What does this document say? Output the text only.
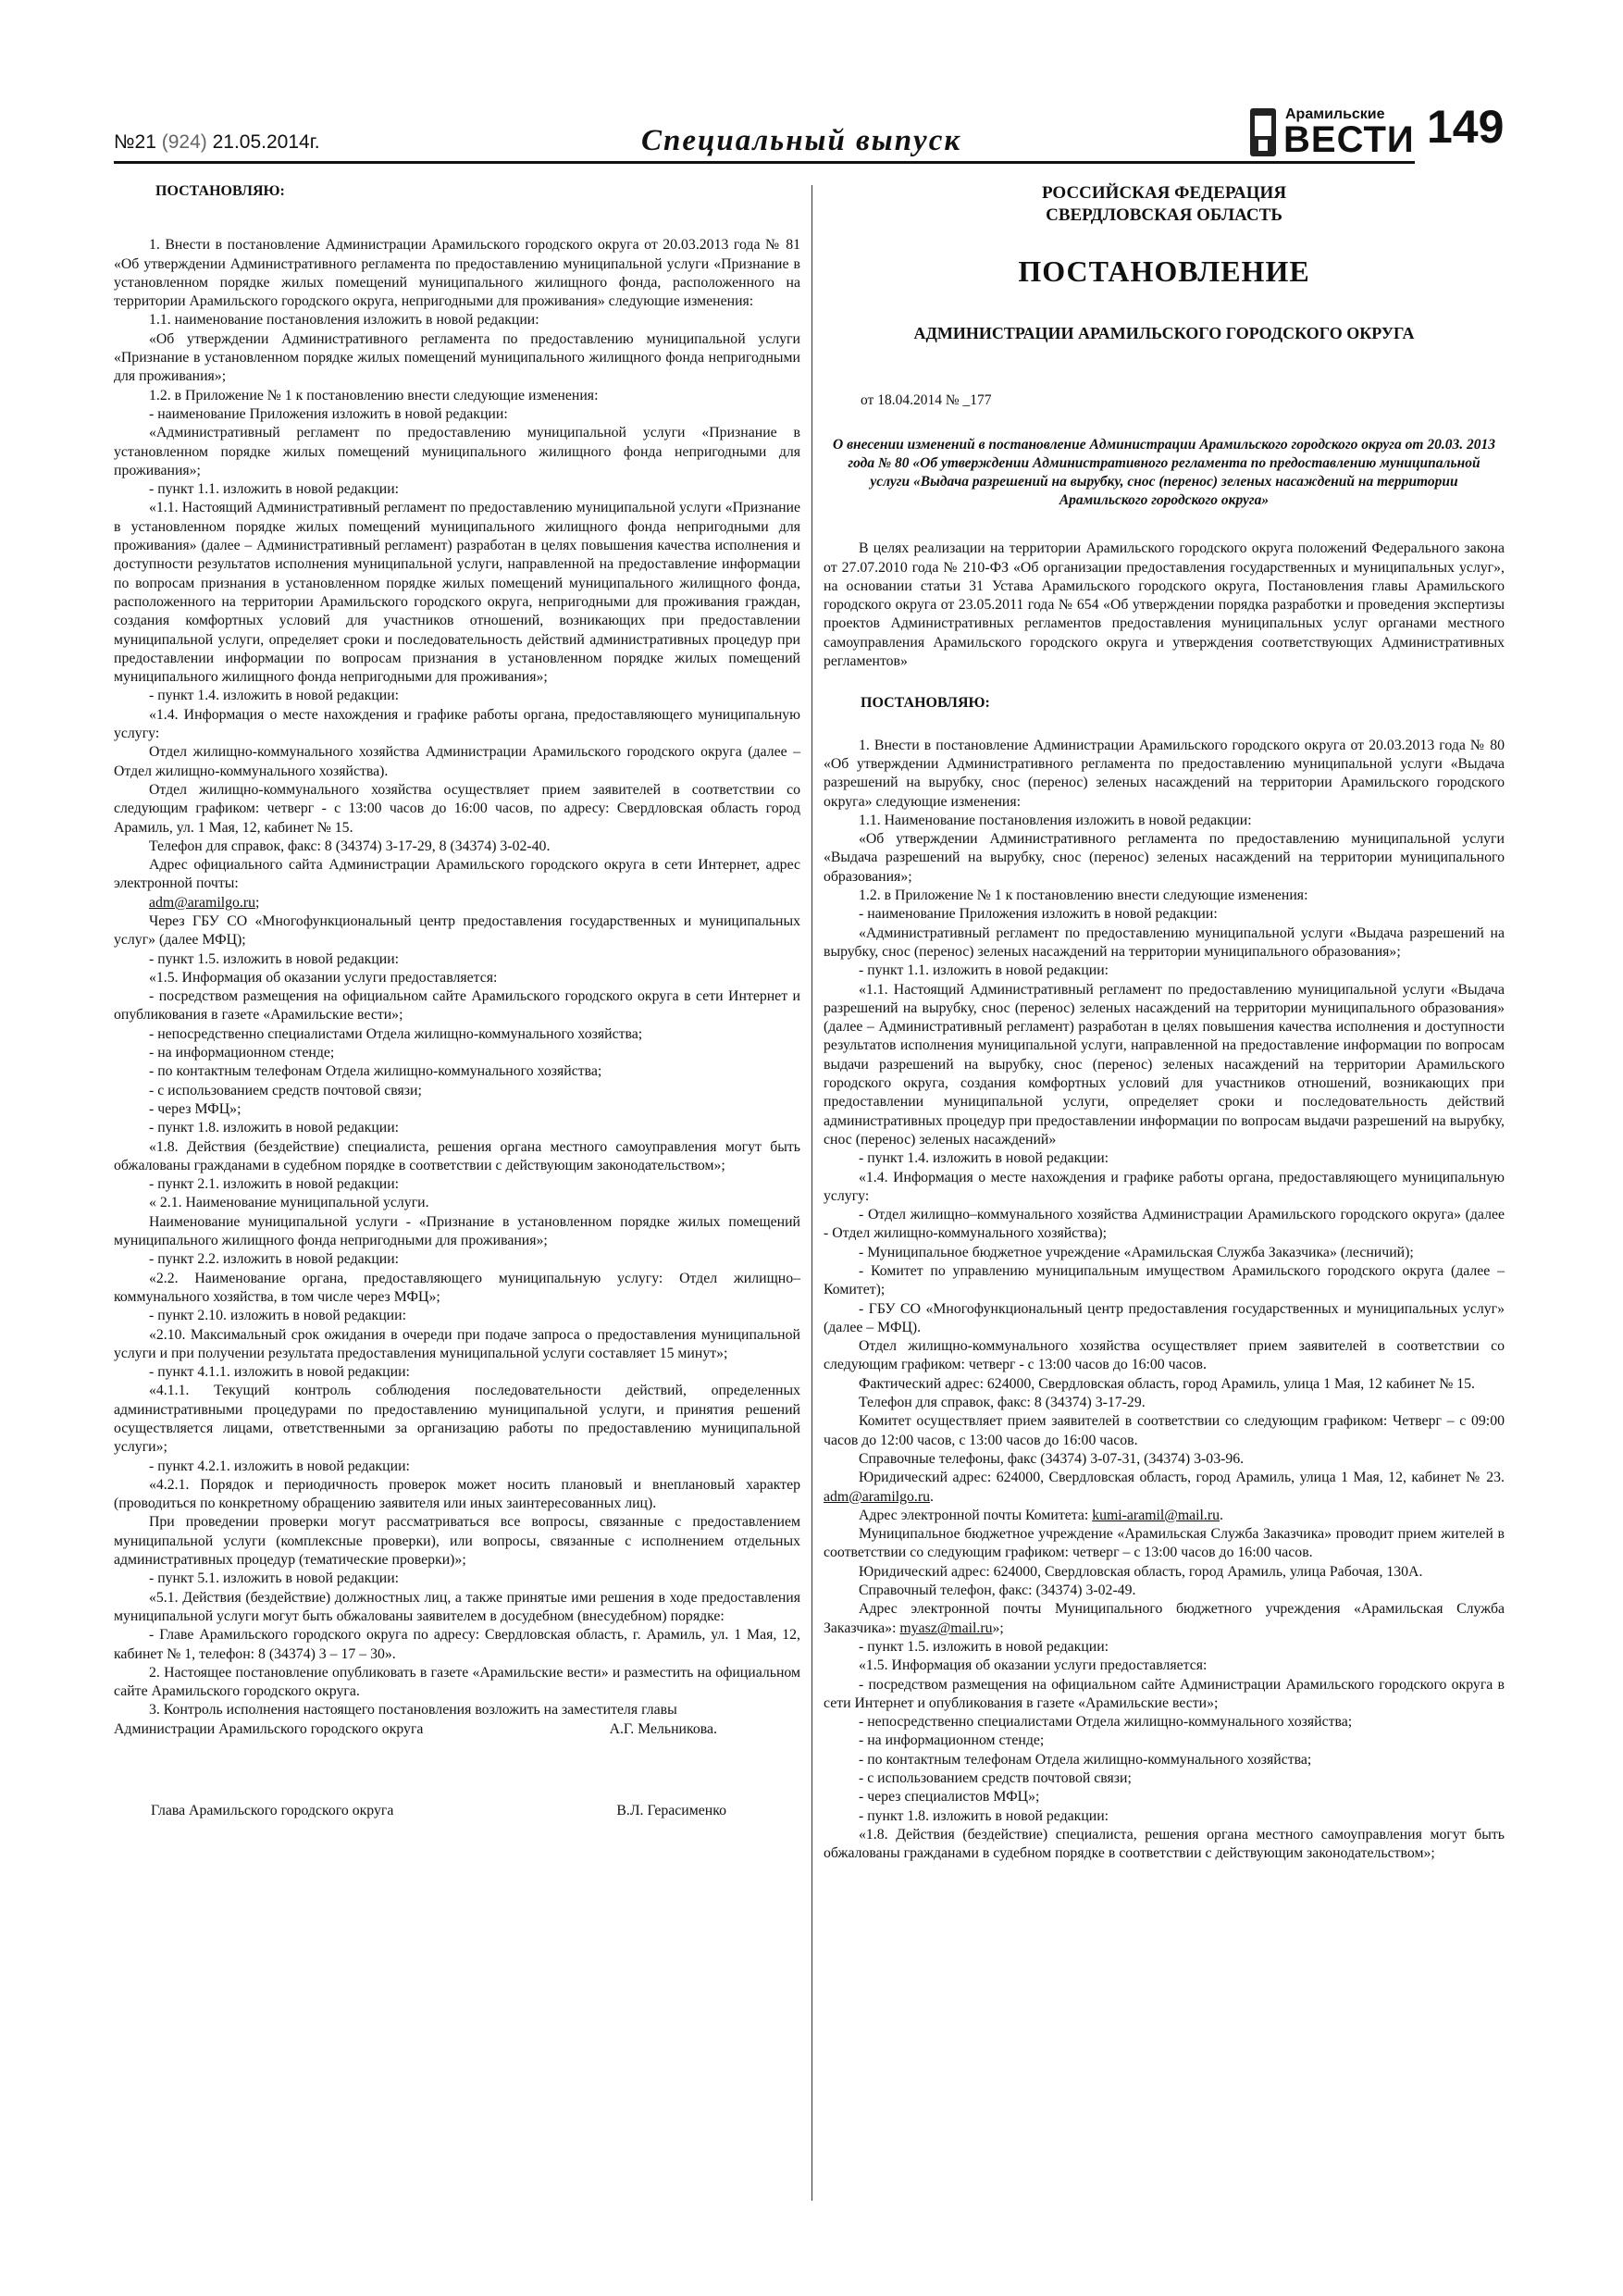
№21 (924) 21.05.2014г.	Специальный выпуск
Арамильские
ВЕСТИ 149

ПОСТАНОВЛЯЮ:

1. Внести в постановление Администрации Арамильского городского округа от 20.03.2013 года № 81 «Об утверждении Административного регламента по предоставлению муниципальной услуги «Признание в установленном порядке жилых помещений муниципального жилищного фонда, расположенного на территории Арамильского городского округа, непригодными для проживания» следующие изменения:

1.1. наименование постановления изложить в новой редакции:

«Об утверждении Административного регламента по предоставлению муниципальной услуги «Признание в установленном порядке жилых помещений муниципального жилищного фонда непригодными для проживания»;

1.2. в Приложение № 1 к постановлению внести следующие изменения:

- наименование Приложения изложить в новой редакции:

«Административный регламент по предоставлению муниципальной услуги «Признание в установленном порядке жилых помещений муниципального жилищного фонда непригодными для проживания»;

- пункт 1.1. изложить в новой редакции:

«1.1. Настоящий Административный регламент по предоставлению муниципальной услуги «Признание в установленном порядке жилых помещений муниципального жилищного фонда непригодными для проживания» (далее – Административный регламент) разработан в целях повышения качества исполнения и доступности результатов исполнения муниципальной услуги, направленной на предоставление информации по вопросам признания в установленном порядке жилых помещений муниципального жилищного фонда, расположенного на территории Арамильского городского округа, непригодными для проживания граждан, создания комфортных условий для участников отношений, возникающих при предоставлении муниципальной услуги, определяет сроки и последовательность действий административных процедур при предоставлении информации по вопросам признания в установленном порядке жилых помещений муниципального жилищного фонда непригодными для проживания»;

- пункт 1.4. изложить в новой редакции:

«1.4. Информация о месте нахождения и графике работы органа, предоставляющего муниципальную услугу:

Отдел жилищно-коммунального хозяйства Администрации Арамильского городского округа (далее – Отдел жилищно-коммунального хозяйства).

Отдел жилищно-коммунального хозяйства осуществляет прием заявителей в соответствии со следующим графиком: четверг - с 13:00 часов до 16:00 часов, по адресу: Свердловская область город Арамиль, ул. 1 Мая, 12, кабинет № 15.

Телефон для справок, факс: 8 (34374) 3-17-29, 8 (34374) 3-02-40.

Адрес официального сайта Администрации Арамильского городского округа в сети Интернет, адрес электронной почты:

adm@aramilgo.ru;

Через ГБУ СО «Многофункциональный центр предоставления государственных и муниципальных услуг» (далее МФЦ);

- пункт 1.5. изложить в новой редакции:

«1.5. Информация об оказании услуги предоставляется:

- посредством размещения на официальном сайте Арамильского городского округа в сети Интернет и опубликования в газете «Арамильские вести»;

- непосредственно специалистами Отдела жилищно-коммунального хозяйства;

- на информационном стенде;

- по контактным телефонам Отдела жилищно-коммунального хозяйства;

- с использованием средств почтовой связи;

- через МФЦ»;

- пункт 1.8. изложить в новой редакции:

«1.8. Действия (бездействие) специалиста, решения органа местного самоуправления могут быть обжалованы гражданами в судебном порядке в соответствии с действующим законодательством»;

- пункт 2.1. изложить в новой редакции:

« 2.1. Наименование муниципальной услуги.

Наименование муниципальной услуги - «Признание в установленном порядке жилых помещений муниципального жилищного фонда непригодными для проживания»;

- пункт 2.2. изложить в новой редакции:

«2.2. Наименование органа, предоставляющего муниципальную услугу: Отдел жилищно–коммунального хозяйства, в том числе через МФЦ»;

- пункт 2.10. изложить в новой редакции:

«2.10. Максимальный срок ожидания в очереди при подаче запроса о предоставления муниципальной услуги и при получении результата предоставления муниципальной услуги составляет 15 минут»;

- пункт 4.1.1. изложить в новой редакции:

«4.1.1. Текущий контроль соблюдения последовательности действий, определенных административными процедурами по предоставлению муниципальной услуги, и принятия решений осуществляется лицами, ответственными за организацию работы по предоставлению муниципальной услуги»;

- пункт 4.2.1. изложить в новой редакции:

«4.2.1. Порядок и периодичность проверок может носить плановый и внеплановый характер (проводиться по конкретному обращению заявителя или иных заинтересованных лиц).

При проведении проверки могут рассматриваться все вопросы, связанные с предоставлением муниципальной услуги (комплексные проверки), или вопросы, связанные с исполнением отдельных административных процедур (тематические проверки)»;

- пункт 5.1. изложить в новой редакции:

«5.1. Действия (бездействие) должностных лиц, а также принятые ими решения в ходе предоставления муниципальной услуги могут быть обжалованы заявителем в досудебном (внесудебном) порядке:

- Главе Арамильского городского округа по адресу: Свердловская область, г. Арамиль, ул. 1 Мая, 12, кабинет № 1, телефон: 8 (34374) 3 – 17 – 30».

2. Настоящее постановление опубликовать в газете «Арамильские вести» и разместить на официальном сайте Арамильского городского округа.

3. Контроль исполнения настоящего постановления возложить на заместителя главы

Администрации Арамильского городского округа	А.Г. Мельникова.

Глава Арамильского городского округа	В.Л. Герасименко

РОССИЙСКАЯ ФЕДЕРАЦИЯ

СВЕРДЛОВСКАЯ ОБЛАСТЬ

ПОСТАНОВЛЕНИЕ

АДМИНИСТРАЦИИ АРАМИЛЬСКОГО ГОРОДСКОГО ОКРУГА

от 18.04.2014 № _177

О внесении изменений в постановление Администрации Арамильского городского округа от 20.03. 2013 года № 80 «Об утверждении Административного регламента по предоставлению муниципальной услуги «Выдача разрешений на вырубку, снос (перенос) зеленых насаждений на территории Арамильского городского округа»

В целях реализации на территории Арамильского городского округа положений Федерального закона от 27.07.2010 года № 210-ФЗ «Об организации предоставления государственных и муниципальных услуг», на основании статьи 31 Устава Арамильского городского округа, Постановления главы Арамильского городского округа от 23.05.2011 года № 654 «Об утверждении порядка разработки и проведения экспертизы проектов Административных регламентов предоставления муниципальных услуг органами местного самоуправления Арамильского городского округа и утверждения соответствующих Административных регламентов»

ПОСТАНОВЛЯЮ:

1. Внести в постановление Администрации Арамильского городского округа от 20.03.2013 года № 80 «Об утверждении Административного регламента по предоставлению муниципальной услуги «Выдача разрешений на вырубку, снос (перенос) зеленых насаждений на территории Арамильского городского округа» следующие изменения:

1.1. Наименование постановления изложить в новой редакции:

«Об утверждении Административного регламента по предоставлению муниципальной услуги «Выдача разрешений на вырубку, снос (перенос) зеленых насаждений на территории муниципального образования»;

1.2. в Приложение № 1 к постановлению внести следующие изменения:

- наименование Приложения изложить в новой редакции:

«Административный регламент по предоставлению муниципальной услуги «Выдача разрешений на вырубку, снос (перенос) зеленых насаждений на территории муниципального образования»;

- пункт 1.1. изложить в новой редакции:

«1.1. Настоящий Административный регламент по предоставлению муниципальной услуги «Выдача разрешений на вырубку, снос (перенос) зеленых насаждений на территории муниципального образования» (далее – Административный регламент) разработан в целях повышения качества исполнения и доступности результатов исполнения муниципальной услуги, направленной на предоставление информации по вопросам выдачи разрешений на вырубку, снос (перенос) зеленых насаждений на территории Арамильского городского округа, создания комфортных условий для участников отношений, возникающих при предоставлении муниципальной услуги, определяет сроки и последовательность действий административных процедур при предоставлении информации по вопросам выдачи разрешений на вырубку, снос (перенос) зеленых насаждений»

- пункт 1.4. изложить в новой редакции:

«1.4. Информация о месте нахождения и графике работы органа, предоставляющего муниципальную услугу:

- Отдел жилищно–коммунального хозяйства Администрации Арамильского городского округа» (далее - Отдел жилищно-коммунального хозяйства);

- Муниципальное бюджетное учреждение «Арамильская Служба Заказчика» (лесничий);

- Комитет по управлению муниципальным имуществом Арамильского городского округа (далее – Комитет);

- ГБУ СО «Многофункциональный центр предоставления государственных и муниципальных услуг» (далее – МФЦ).

Отдел жилищно-коммунального хозяйства осуществляет прием заявителей в соответствии со следующим графиком: четверг - с 13:00 часов до 16:00 часов.

Фактический адрес: 624000, Свердловская область, город Арамиль, улица 1 Мая, 12 кабинет № 15.

Телефон для справок, факс: 8 (34374) 3-17-29.

Комитет осуществляет прием заявителей в соответствии со следующим графиком: Четверг – с 09:00 часов до 12:00 часов, с 13:00 часов до 16:00 часов.

Справочные телефоны, факс (34374) 3-07-31, (34374) 3-03-96.

Юридический адрес: 624000, Свердловская область, город Арамиль, улица 1 Мая, 12, кабинет № 23. adm@aramilgo.ru.

Адрес электронной почты Комитета: kumi-aramil@mail.ru.

Муниципальное бюджетное учреждение «Арамильская Служба Заказчика» проводит прием жителей в соответствии со следующим графиком: четверг – с 13:00 часов до 16:00 часов.

Юридический адрес: 624000, Свердловская область, город Арамиль, улица Рабочая, 130А.

Справочный телефон, факс: (34374) 3-02-49.

Адрес электронной почты Муниципального бюджетного учреждения «Арамильская Служба Заказчика»: myasz@mail.ru»;

- пункт 1.5. изложить в новой редакции:

«1.5. Информация об оказании услуги предоставляется:

- посредством размещения на официальном сайте Администрации Арамильского городского округа в сети Интернет и опубликования в газете «Арамильские вести»;

- непосредственно специалистами Отдела жилищно-коммунального хозяйства;

- на информационном стенде;

- по контактным телефонам Отдела жилищно-коммунального хозяйства;

- с использованием средств почтовой связи;

- через специалистов МФЦ»;

- пункт 1.8. изложить в новой редакции:

«1.8. Действия (бездействие) специалиста, решения органа местного самоуправления могут быть обжалованы гражданами в судебном порядке в соответствии с действующим законодательством»;
